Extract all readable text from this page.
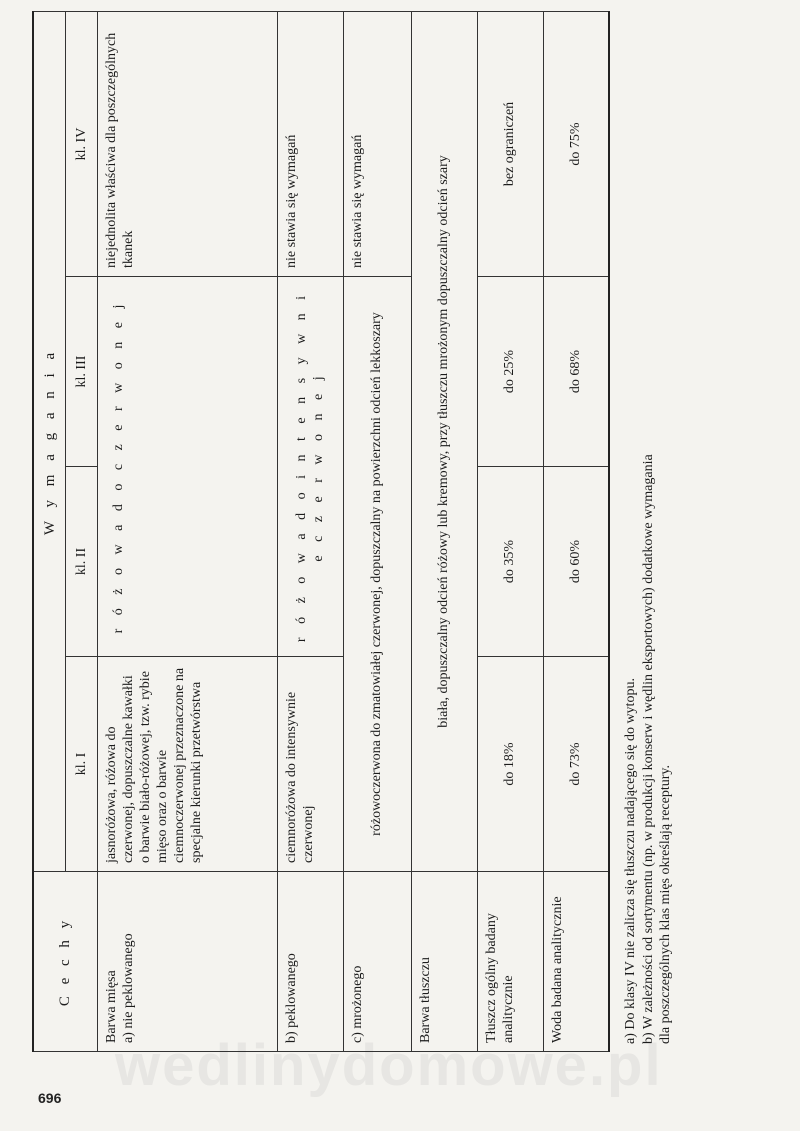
wedlinydomowe.pl
C e c h y	W y m a g a n i a			
	kl. I	kl. II	kl. III	kl. IV

Barwa mięsa a) nie peklowanego	jasnoróżowa, różowa do czerwonej, dopuszczalne kawałki o barwie biało-różowej, tzw. rybie mięso oraz o barwie ciemnoczerwonej przeznaczone na specjalne kierunki przetwórstwa	r ó ż o w a d o c z e r w o n e j		niejednolita właściwa dla poszczególnych tkanek
b) peklowanego	ciemnoróżowa do intensywnie czerwonej	r ó ż o w a d o i n t e n s y w n i e c z e r w o n e j		nie stawia się wymagań
c) mrożonego	różowoczerwona do zmatowiałej czerwonej, dopuszczalny na powierzchni odcień lekkoszary			nie stawia się wymagań
Barwa tłuszczu	biała, dopuszczalny odcień różowy lub kremowy, przy tłuszczu mrożonym dopuszczalny odcień szary			
Tłuszcz ogólny badany analitycznie	do 18%	do 35%	do 25%	bez ograniczeń
Woda badana analitycznie	do 73%	do 60%	do 68%	do 75%

a) Do klasy IV nie zalicza się tłuszczu nadającego się do wytopu. b) W zależności od sortymentu (np. w produkcji konserw i wędlin eksportowych) dodatkowe wymagania dla poszczególnych klas mięs określają receptury.

696
